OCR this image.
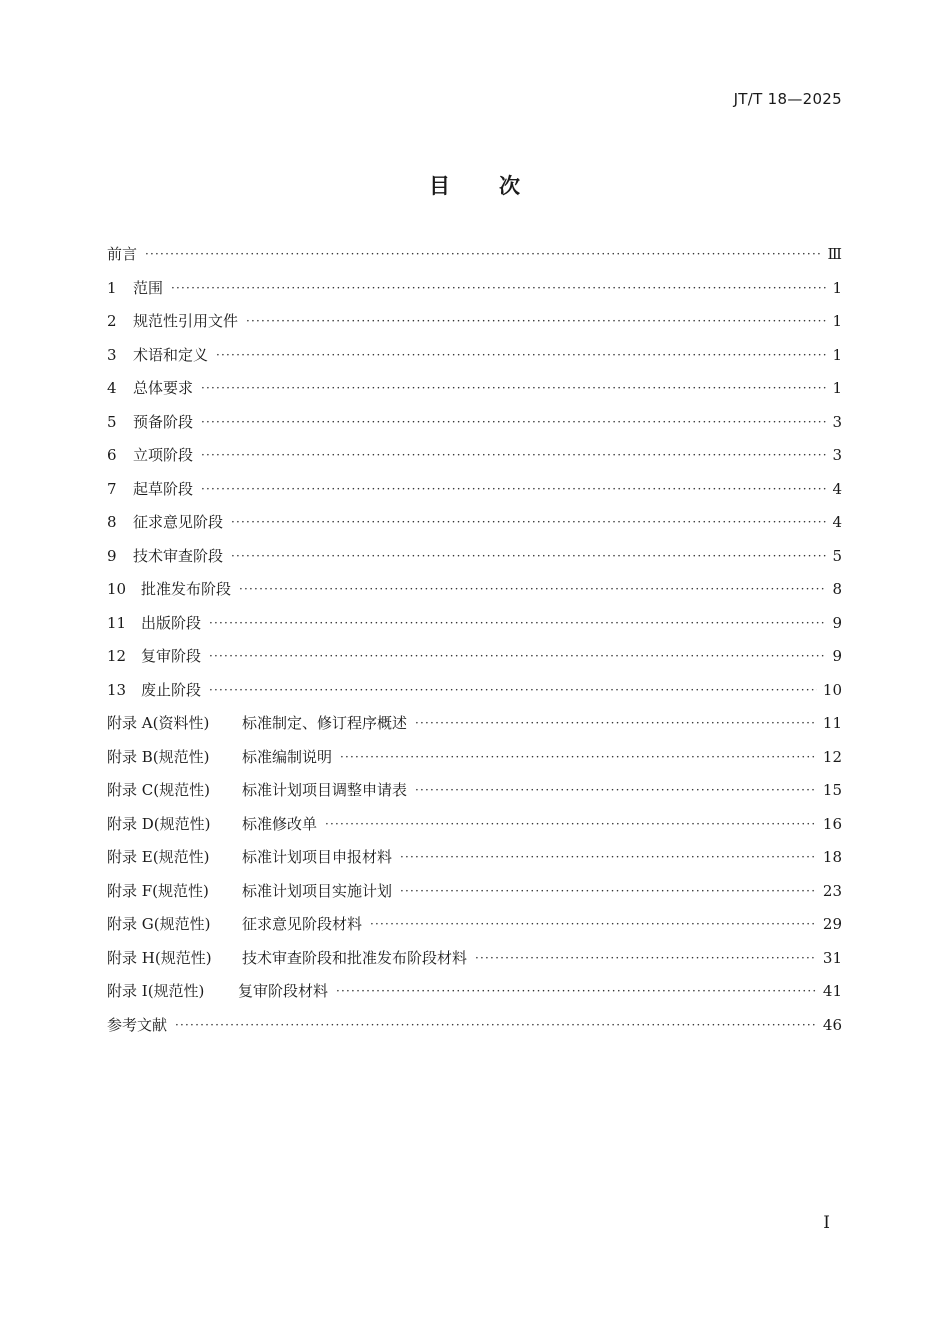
JT/T 18—2025
目 次
前言 ·····	Ⅲ
1	范围 ·····	1
2	规范性引用文件 ·····	1
3	术语和定义 ·····	1
4	总体要求 ·····	1
5	预备阶段 ·····	3
6	立项阶段 ·····	3
7	起草阶段 ·····	4
8	征求意见阶段 ·····	4
9	技术审查阶段 ·····	5
10 批准发布阶段 ·····	8
11 出版阶段 ·····	9
12 复审阶段 ·····	9
13 废止阶段 ·····	10
附录 A(资料性)	标准制定、修订程序概述 ·····	11
附录 B(规范性)	标准编制说明 ·····	12
附录 C(规范性)	标准计划项目调整申请表 ·····	15
附录 D(规范性)	标准修改单 ·····	16
附录 E(规范性)	标准计划项目申报材料 ·····	18
附录 F(规范性)	标准计划项目实施计划 ·····	23
附录 G(规范性)	征求意见阶段材料 ·····	29
附录 H(规范性)	技术审查阶段和批准发布阶段材料 ·····	31
附录 I(规范性)	复审阶段材料 ·····	41
参考文献 ·····	46
Ⅰ
